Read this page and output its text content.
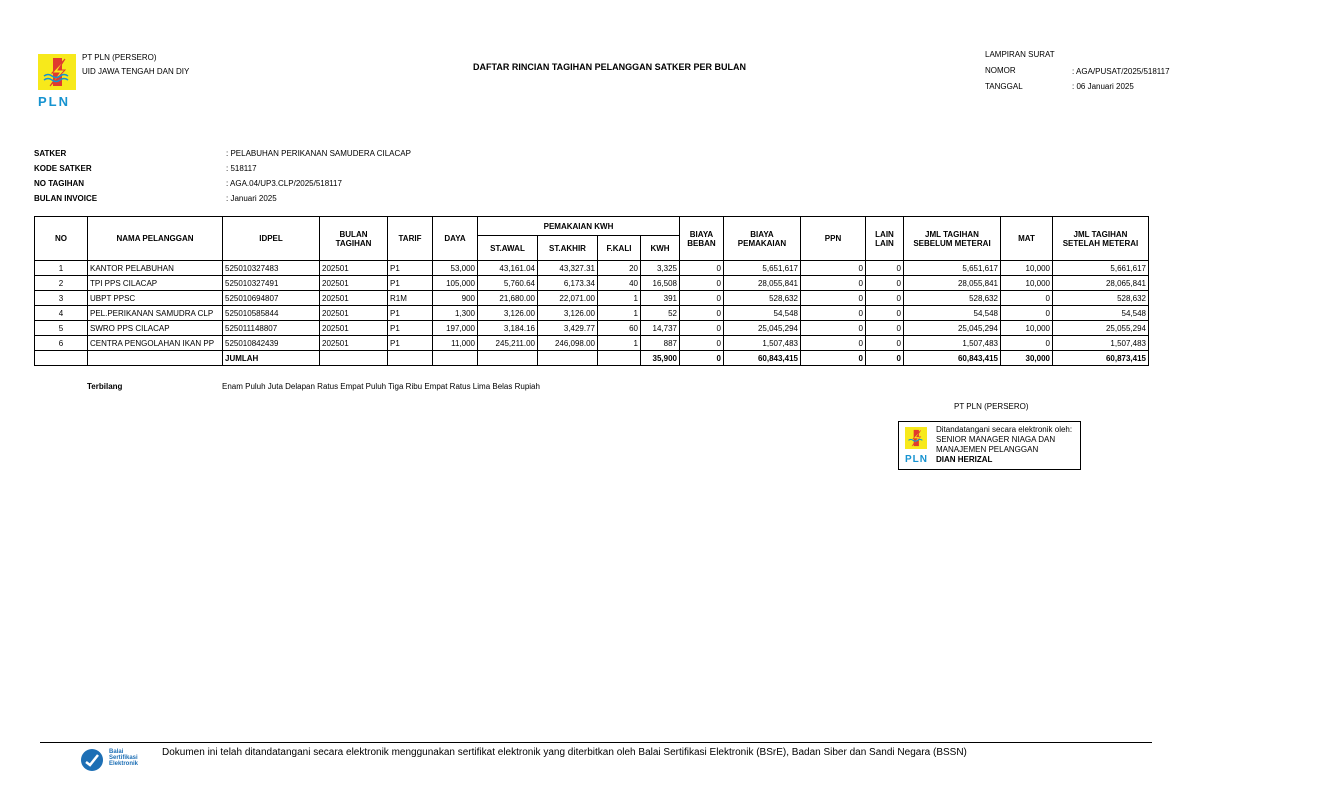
PLN
PT PLN (PERSERO)
UID JAWA TENGAH DAN DIY	DAFTAR RINCIAN TAGIHAN PELANGGAN SATKER PER BULAN
LAMPIRAN SURAT
NOMOR	: AGA/PUSAT/2025/518117
TANGGAL	: 06 Januari 2025
SATKER	: PELABUHAN PERIKANAN SAMUDERA CILACAP
KODE SATKER	: 518117
NO TAGIHAN	: AGA.04/UP3.CLP/2025/518117
BULAN INVOICE	: Januari 2025
NO	NAMA PELANGGAN	IDPEL	BULAN TAGIHAN	TARIF	DAYA	PEMAKAIAN KWH				BIAYA BEBAN	BIAYA PEMAKAIAN	PPN	LAIN LAIN	JML TAGIHAN SEBELUM METERAI	MAT	JML TAGIHAN SETELAH METERAI
						ST.AWAL	ST.AKHIR	F.KALI	KWH							
1	KANTOR PELABUHAN	525010327483	202501	P1	53,000	43,161.04	43,327.31	20	3,325	0	5,651,617	0	0	5,651,617	10,000	5,661,617
2	TPI PPS CILACAP	525010327491	202501	P1	105,000	5,760.64	6,173.34	40	16,508	0	28,055,841	0	0	28,055,841	10,000	28,065,841
3	UBPT PPSC	525010694807	202501	R1M	900	21,680.00	22,071.00	1	391	0	528,632	0	0	528,632	0	528,632
4	PEL.PERIKANAN SAMUDRA CLP	525010585844	202501	P1	1,300	3,126.00	3,126.00	1	52	0	54,548	0	0	54,548	0	54,548
5	SWRO PPS CILACAP	525011148807	202501	P1	197,000	3,184.16	3,429.77	60	14,737	0	25,045,294	0	0	25,045,294	10,000	25,055,294
6	CENTRA PENGOLAHAN IKAN PP	525010842439	202501	P1	11,000	245,211.00	246,098.00	1	887	0	1,507,483	0	0	1,507,483	0	1,507,483
		JUMLAH							35,900	0	60,843,415	0	0	60,843,415	30,000	60,873,415
Terbilang	Enam Puluh Juta Delapan Ratus Empat Puluh Tiga Ribu Empat Ratus Lima Belas Rupiah
PT PLN (PERSERO)
PLN
Ditandatangani secara elektronik oleh:
SENIOR MANAGER NIAGA DAN
MANAJEMEN PELANGGAN
DIAN HERIZAL
Balai
Sertifikasi
Elektronik
Dokumen ini telah ditandatangani secara elektronik menggunakan sertifikat elektronik yang diterbitkan oleh Balai Sertifikasi Elektronik (BSrE), Badan Siber dan Sandi Negara (BSSN)
